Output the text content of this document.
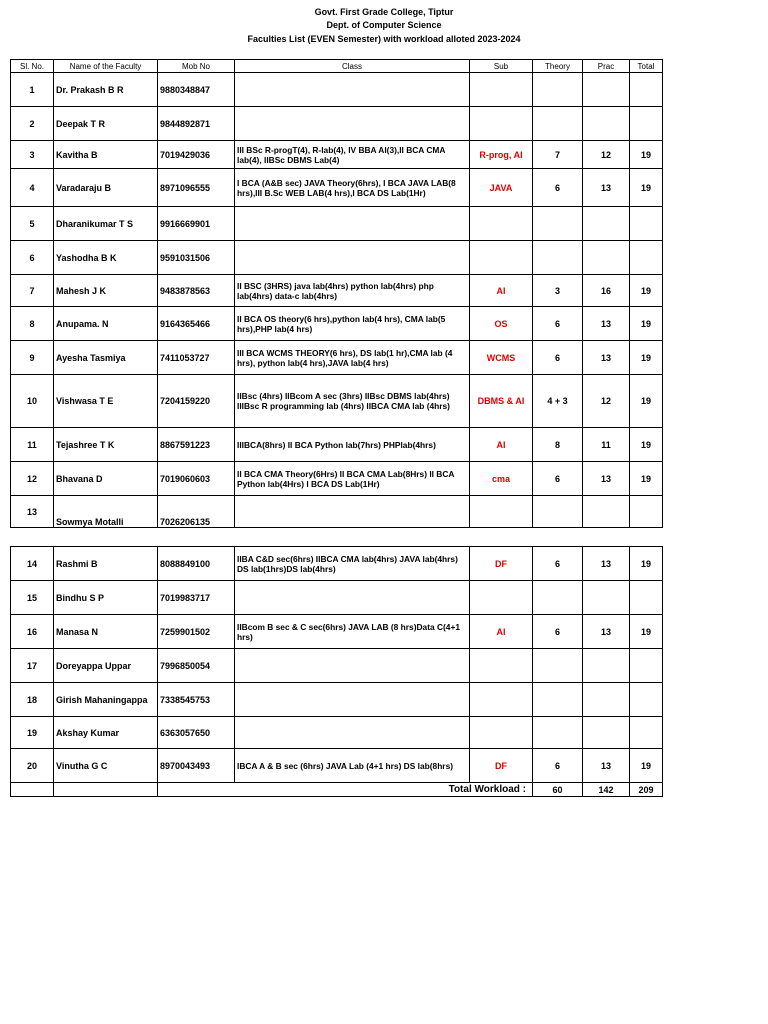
Govt. First Grade College, Tiptur
Dept. of Computer Science
Faculties List (EVEN Semester) with workload alloted 2023-2024
Sl. No.	Name of the Faculty	Mob No	Class	Sub	Theory	Prac	Total
1	Dr. Prakash B R	9880348847					
2	Deepak T R	9844892871					
3	Kavitha B	7019429036	III BSc R-progT(4), R-lab(4), IV BBA AI(3),II BCA CMA lab(4), IIBSc DBMS Lab(4)	R-prog, AI	7	12	19
4	Varadaraju B	8971096555	I BCA (A&B sec) JAVA Theory(6hrs), I BCA JAVA LAB(8 hrs),III B.Sc WEB LAB(4 hrs),I BCA DS Lab(1Hr)	JAVA	6	13	19
5	Dharanikumar T S	9916669901					
6	Yashodha B K	9591031506					
7	Mahesh J K	9483878563	II BSC (3HRS) java lab(4hrs) python lab(4hrs) php lab(4hrs) data-c lab(4hrs)	AI	3	16	19
8	Anupama. N	9164365466	II BCA OS theory(6 hrs),python lab(4 hrs), CMA lab(5 hrs),PHP lab(4 hrs)	OS	6	13	19
9	Ayesha Tasmiya	7411053727	III BCA WCMS THEORY(6 hrs), DS lab(1 hr),CMA lab (4 hrs), python lab(4 hrs),JAVA lab(4 hrs)	WCMS	6	13	19
10	Vishwasa T E	7204159220	IIBsc (4hrs) IIBcom A sec (3hrs) IIBsc DBMS lab(4hrs) IIIBsc R programming lab (4hrs) IIBCA CMA lab (4hrs)	DBMS & AI	4 + 3	12	19
11	Tejashree T K	8867591223	IIIBCA(8hrs) II BCA Python lab(7hrs) PHPlab(4hrs)	AI	8	11	19
12	Bhavana D	7019060603	II BCA CMA Theory(6Hrs) II BCA CMA Lab(8Hrs) II BCA Python lab(4Hrs) I BCA DS Lab(1Hr)	cma	6	13	19
13	Sowmya Motalli	7026206135					
14	Rashmi B	8088849100	IIBA C&D sec(6hrs) IIBCA CMA lab(4hrs) JAVA lab(4hrs) DS lab(1hrs)DS lab(4hrs)	DF	6	13	19
15	Bindhu S P	7019983717					
16	Manasa N	7259901502	IIBcom B sec & C sec(6hrs) JAVA LAB (8 hrs)Data C(4+1 hrs)	AI	6	13	19
17	Doreyappa Uppar	7996850054					
18	Girish Mahaningappa	7338545753					
19	Akshay Kumar	6363057650					
20	Vinutha G C	8970043493	IBCA A & B sec (6hrs) JAVA Lab (4+1 hrs) DS lab(8hrs)	DF	6	13	19
		Total Workload :			60	142	209
